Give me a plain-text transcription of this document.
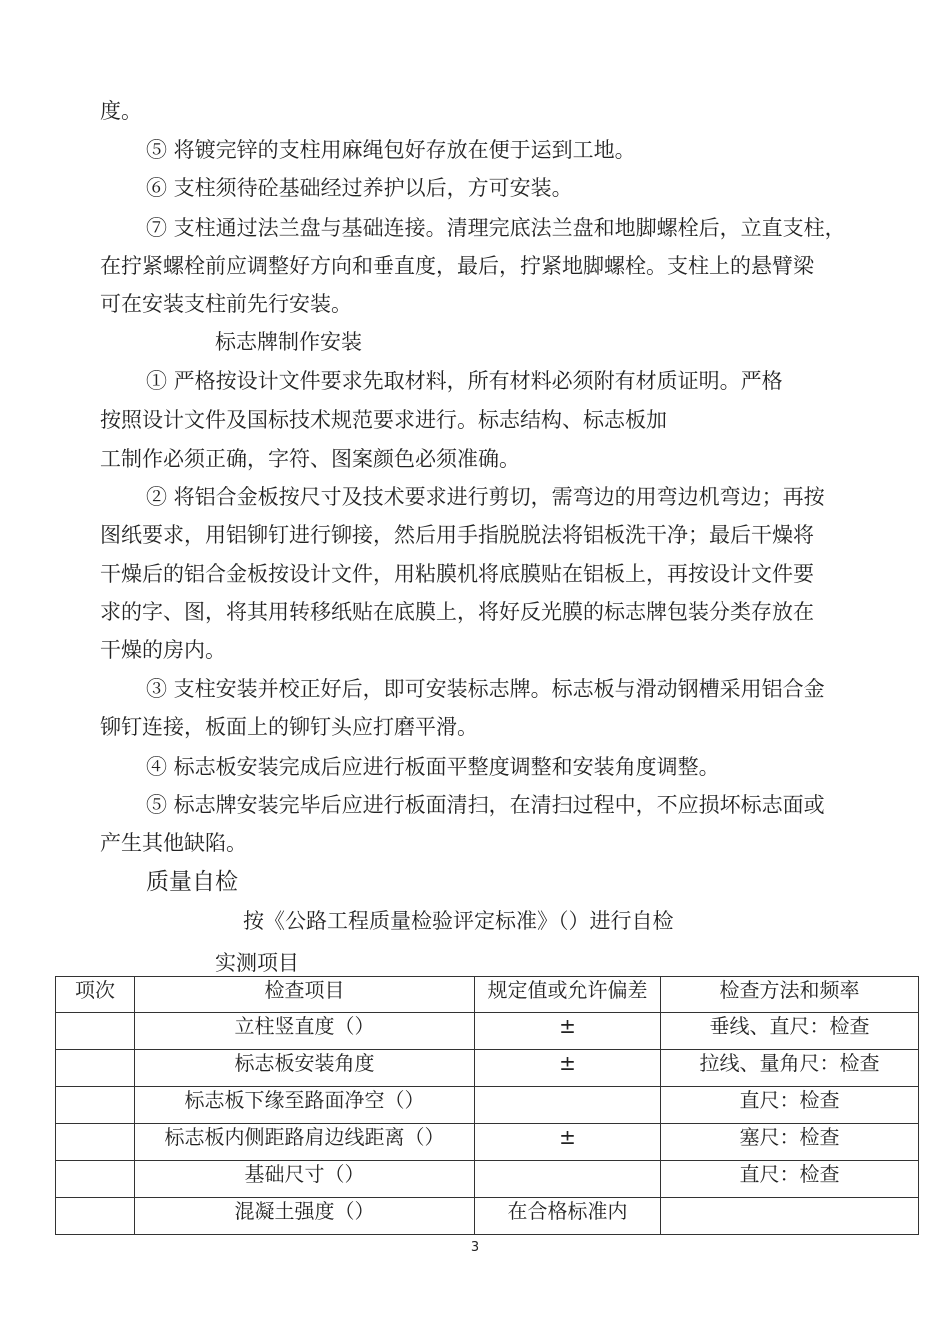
度。
⑤ 将镀完锌的支柱用麻绳包好存放在便于运到工地。
⑥ 支柱须待砼基础经过养护以后，方可安装。
⑦ 支柱通过法兰盘与基础连接。清理完底法兰盘和地脚螺栓后，立直支柱，
在拧紧螺栓前应调整好方向和垂直度，最后，拧紧地脚螺栓。支柱上的悬臂梁
可在安装支柱前先行安装。
标志牌制作安装
① 严格按设计文件要求先取材料，所有材料必须附有材质证明。严格
按照设计文件及国标技术规范要求进行。标志结构、标志板加
工制作必须正确，字符、图案颜色必须准确。
② 将铝合金板按尺寸及技术要求进行剪切，需弯边的用弯边机弯边；再按
图纸要求，用铝铆钉进行铆接，然后用手指脱脱法将铝板洗干净；最后干燥将
干燥后的铝合金板按设计文件，用粘膜机将底膜贴在铝板上，再按设计文件要
求的字、图，将其用转移纸贴在底膜上，将好反光膜的标志牌包装分类存放在
干燥的房内。
③ 支柱安装并校正好后，即可安装标志牌。标志板与滑动钢槽采用铝合金
铆钉连接，板面上的铆钉头应打磨平滑。
④ 标志板安装完成后应进行板面平整度调整和安装角度调整。
⑤ 标志牌安装完毕后应进行板面清扫，在清扫过程中，不应损坏标志面或
产生其他缺陷。
质量自检
按《公路工程质量检验评定标准》（）进行自检
实测项目
项次	检查项目	规定值或允许偏差	检查方法和频率
	立柱竖直度（）	±	垂线、直尺：检查
	标志板安装角度	±	拉线、量角尺：检查
	标志板下缘至路面净空（）		直尺：检查
	标志板内侧距路肩边线距离（）	±	塞尺：检查
	基础尺寸（）		直尺：检查
	混凝土强度（）	在合格标准内	
3
